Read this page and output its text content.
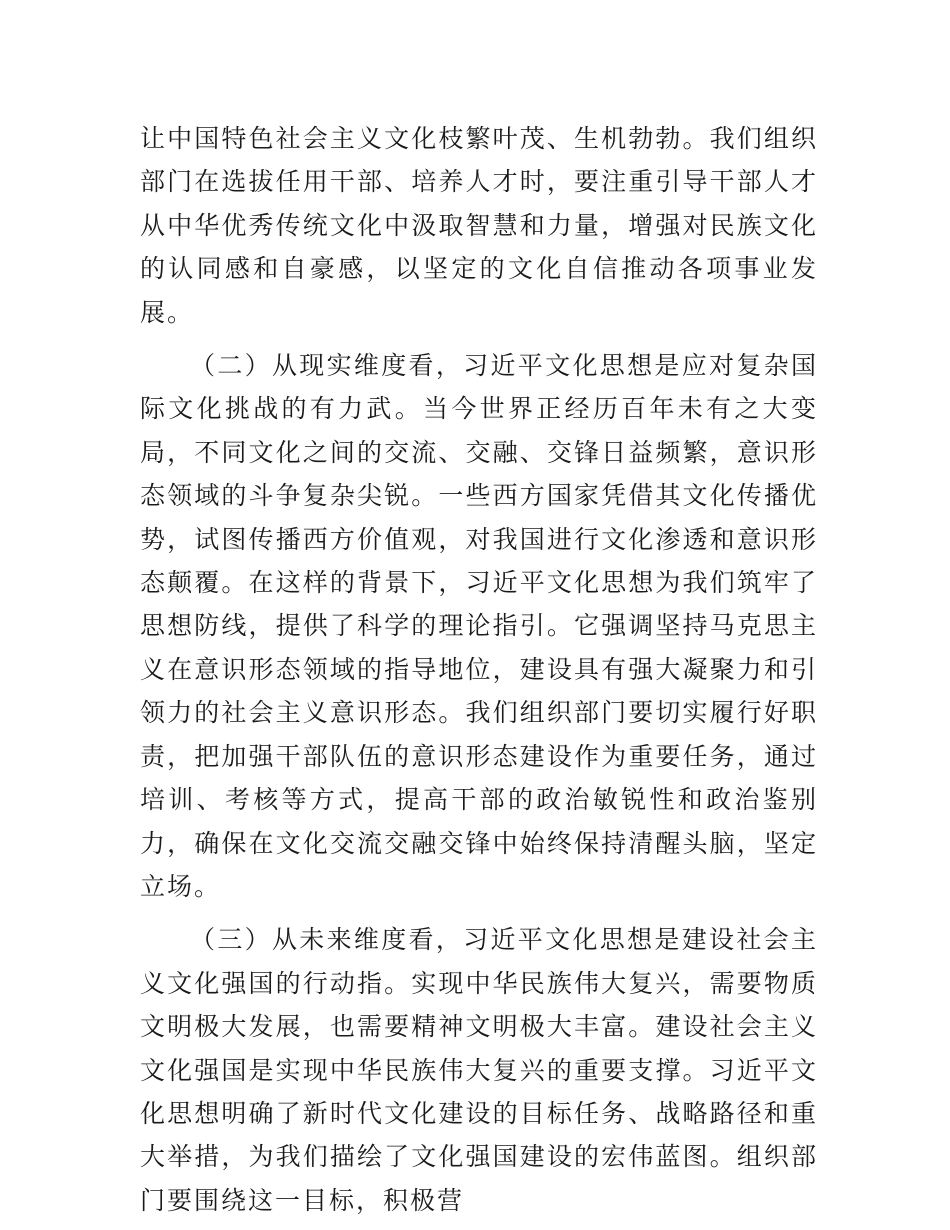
让中国特色社会主义文化枝繁叶茂、生机勃勃。我们组织部门在选拔任用干部、培养人才时，要注重引导干部人才从中华优秀传统文化中汲取智慧和力量，增强对民族文化的认同感和自豪感，以坚定的文化自信推动各项事业发展。

（二）从现实维度看，习近平文化思想是应对复杂国际文化挑战的有力武。当今世界正经历百年未有之大变局，不同文化之间的交流、交融、交锋日益频繁，意识形态领域的斗争复杂尖锐。一些西方国家凭借其文化传播优势，试图传播西方价值观，对我国进行文化渗透和意识形态颠覆。在这样的背景下，习近平文化思想为我们筑牢了思想防线，提供了科学的理论指引。它强调坚持马克思主义在意识形态领域的指导地位，建设具有强大凝聚力和引领力的社会主义意识形态。我们组织部门要切实履行好职责，把加强干部队伍的意识形态建设作为重要任务，通过培训、考核等方式，提高干部的政治敏锐性和政治鉴别力，确保在文化交流交融交锋中始终保持清醒头脑，坚定立场。

（三）从未来维度看，习近平文化思想是建设社会主义文化强国的行动指。实现中华民族伟大复兴，需要物质文明极大发展，也需要精神文明极大丰富。建设社会主义文化强国是实现中华民族伟大复兴的重要支撑。习近平文化思想明确了新时代文化建设的目标任务、战略路径和重大举措，为我们描绘了文化强国建设的宏伟蓝图。组织部门要围绕这一目标，积极营
